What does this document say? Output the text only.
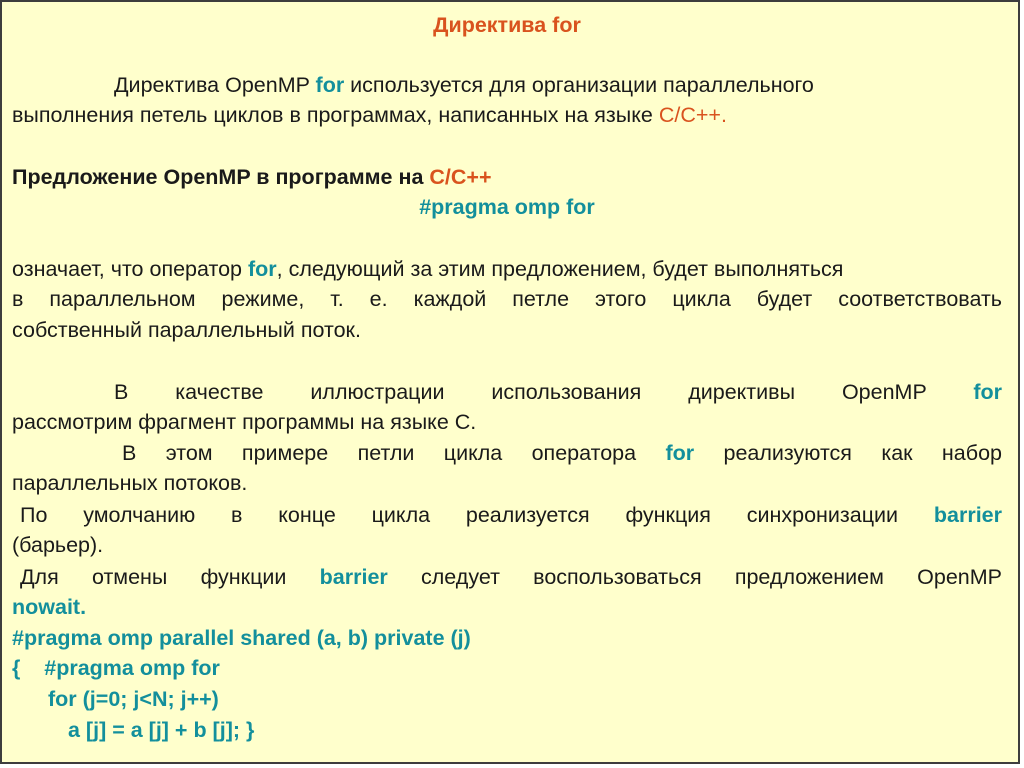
Директива for
Директива OpenMP for используется для организации параллельного
выполнения петель циклов в программах, написанных на языке C/C++.
Предложение OpenMP в программе на C/C++
#pragma omp for
означает, что оператор for, следующий за этим предложением, будет выполняться
в параллельном режиме, т. е. каждой петле этого цикла будет соответствовать
собственный параллельный поток.
В качестве иллюстрации использования директивы OpenMP for
рассмотрим фрагмент программы на языке С.
В этом примере петли цикла оператора for реализуются как набор
параллельных потоков.
По умолчанию в конце цикла реализуется функция синхронизации barrier
(барьер).
Для отмены функции barrier следует воспользоваться предложением OpenMP
nowait.
#pragma omp parallel shared (a, b) private (j)
{    #pragma omp for
for (j=0; j<N; j++)
a [j] = a [j] + b [j]; }
